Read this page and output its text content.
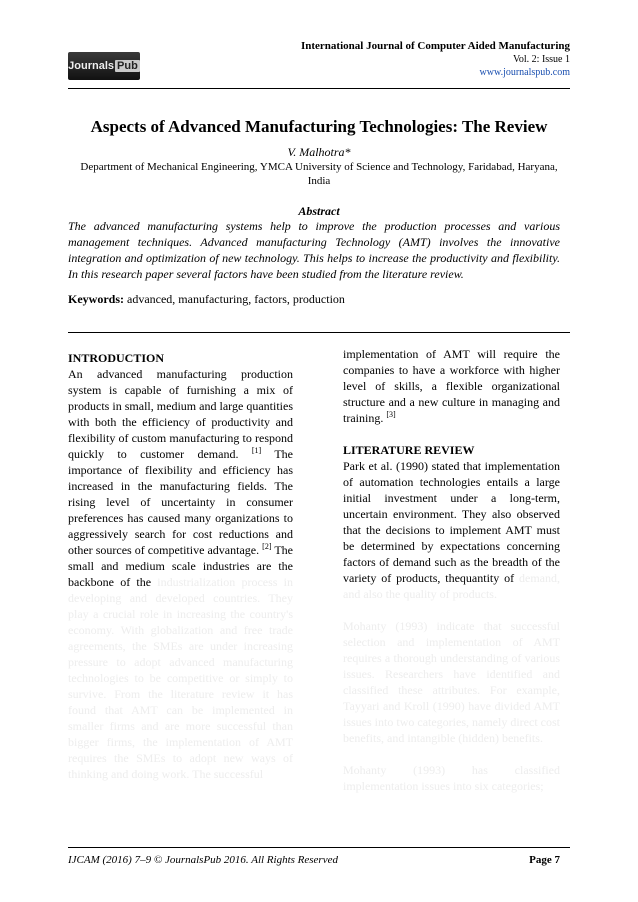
Journals Pub
International Journal of Computer Aided Manufacturing
Vol. 2: Issue 1
www.journalspub.com
Aspects of Advanced Manufacturing Technologies: The Review
V. Malhotra*
Department of Mechanical Engineering, YMCA University of Science and Technology, Faridabad, Haryana, India
Abstract
The advanced manufacturing systems help to improve the production processes and various management techniques. Advanced manufacturing Technology (AMT) involves the innovative integration and optimization of new technology. This helps to increase the productivity and flexibility. In this research paper several factors have been studied from the literature review.
Keywords: advanced, manufacturing, factors, production
INTRODUCTION

An advanced manufacturing production system is capable of furnishing a mix of products in small, medium and large quantities with both the efficiency of productivity and flexibility of custom manufacturing to respond quickly to customer demand. [1] The importance of flexibility and efficiency has increased in the manufacturing fields. The rising level of uncertainty in consumer preferences has caused many organizations to aggressively search for cost reductions and other sources of competitive advantage. [2] The small and medium scale industries are the backbone of the industrialization process in developing and developed countries. They play a crucial role in increasing the country's economy. With globalization and free trade agreements, the SMEs are under increasing pressure to adopt advanced manufacturing technologies to be competitive or simply to survive. From the literature review it has found that AMT can be implemented in smaller firms and are more successful than bigger firms, the implementation of AMT requires the SMEs to adopt new ways of thinking and doing work. The successful

implementation of AMT will require the companies to have a workforce with higher level of skills, a flexible organizational structure and a new culture in managing and training. [3]

LITERATURE REVIEW

Park et al. (1990) stated that implementation of automation technologies entails a large initial investment under a long-term, uncertain environment. They also observed that the decisions to implement AMT must be determined by expectations concerning factors of demand such as the breadth of the variety of products, thequantity of demand, and also the quality of products.

Mohanty (1993) indicate that successful selection and implementation of AMT requires a thorough understanding of various issues. Researchers have identified and classified these attributes. For example, Tayyari and Kroll (1990) have divided AMT issues into two categories, namely direct cost benefits, and intangible (hidden) benefits.

Mohanty (1993) has classified implementation issues into six categories;

IJCAM (2016) 7–9 © JournalsPub 2016. All Rights Reserved	Page 7
